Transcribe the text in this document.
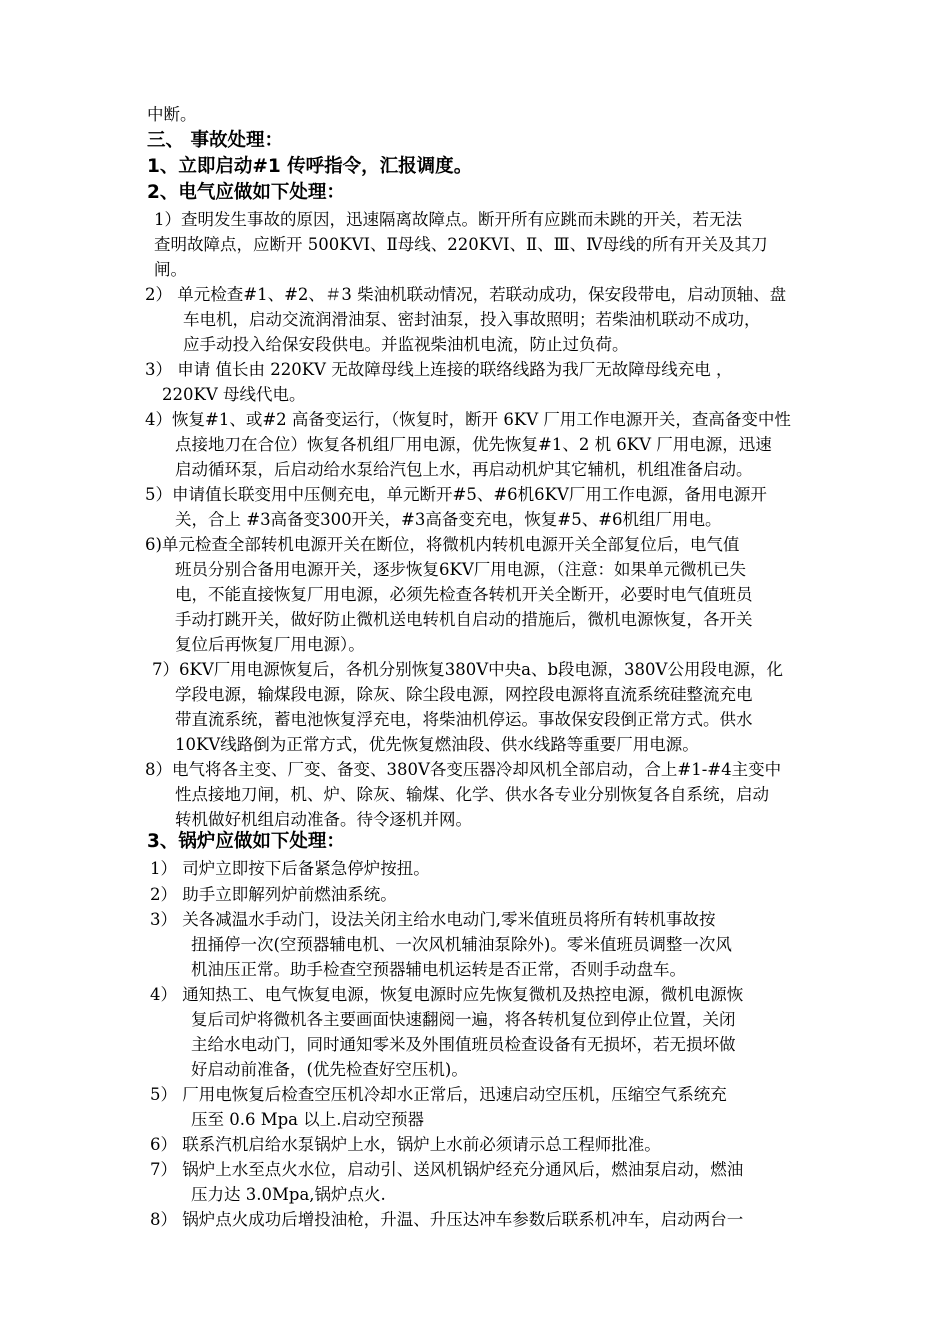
中断。
三、 事故处理：
1、立即启动#1 传呼指令，汇报调度。
2、电气应做如下处理：
1）查明发生事故的原因，迅速隔离故障点。断开所有应跳而未跳的开关，若无法
查明故障点，应断开 500KVⅠ、Ⅱ母线、220KVⅠ、Ⅱ、Ⅲ、Ⅳ母线的所有开关及其刀
闸。
2） 单元检查#1、#2、＃3 柴油机联动情况，若联动成功，保安段带电，启动顶轴、盘
车电机，启动交流润滑油泵、密封油泵，投入事故照明；若柴油机联动不成功，
应手动投入给保安段供电。并监视柴油机电流，防止过负荷。
3） 申请 值长由 220KV 无故障母线上连接的联络线路为我厂无故障母线充电 ，
220KV 母线代电。
4）恢复#1、或#2 高备变运行，（恢复时，断开 6KV 厂用工作电源开关，查高备变中性
点接地刀在合位）恢复各机组厂用电源，优先恢复#1、2 机 6KV 厂用电源，迅速
启动循环泵，后启动给水泵给汽包上水，再启动机炉其它辅机，机组准备启动。
5）申请值长联变用中压侧充电，单元断开#5、#6机6KV厂用工作电源，备用电源开
关，合上 #3高备变300开关，#3高备变充电，恢复#5、#6机组厂用电。
6)单元检查全部转机电源开关在断位，将微机内转机电源开关全部复位后，电气值
班员分别合备用电源开关，逐步恢复6KV厂用电源，（注意：如果单元微机已失
电，不能直接恢复厂用电源，必须先检查各转机开关全断开，必要时电气值班员
手动打跳开关，做好防止微机送电转机自启动的措施后，微机电源恢复，各开关
复位后再恢复厂用电源）。
7）6KV厂用电源恢复后，各机分别恢复380V中央a、b段电源，380V公用段电源，化
学段电源，输煤段电源，除灰、除尘段电源，网控段电源将直流系统硅整流充电
带直流系统，蓄电池恢复浮充电，将柴油机停运。事故保安段倒正常方式。供水
10KV线路倒为正常方式，优先恢复燃油段、供水线路等重要厂用电源。
8）电气将各主变、厂变、备变、380V各变压器冷却风机全部启动，合上#1-#4主变中
性点接地刀闸，机、炉、除灰、输煤、化学、供水各专业分别恢复各自系统，启动
转机做好机组启动准备。待令逐机并网。
3、锅炉应做如下处理：
1） 司炉立即按下后备紧急停炉按扭。
2） 助手立即解列炉前燃油系统。
3） 关各减温水手动门，设法关闭主给水电动门,零米值班员将所有转机事故按
扭捅停一次(空预器辅电机、一次风机辅油泵除外)。零米值班员调整一次风
机油压正常。助手检查空预器辅电机运转是否正常，否则手动盘车。
4） 通知热工、电气恢复电源，恢复电源时应先恢复微机及热控电源，微机电源恢
复后司炉将微机各主要画面快速翻阅一遍，将各转机复位到停止位置，关闭
主给水电动门，同时通知零米及外围值班员检查设备有无损坏，若无损坏做
好启动前准备，(优先检查好空压机)。
5） 厂用电恢复后检查空压机冷却水正常后，迅速启动空压机，压缩空气系统充
压至 0.6 Mpa 以上.启动空预器
6） 联系汽机启给水泵锅炉上水，锅炉上水前必须请示总工程师批准。
7） 锅炉上水至点火水位，启动引、送风机锅炉经充分通风后，燃油泵启动，燃油
压力达 3.0Mpa,锅炉点火.
8） 锅炉点火成功后增投油枪，升温、升压达冲车参数后联系机冲车，启动两台一
